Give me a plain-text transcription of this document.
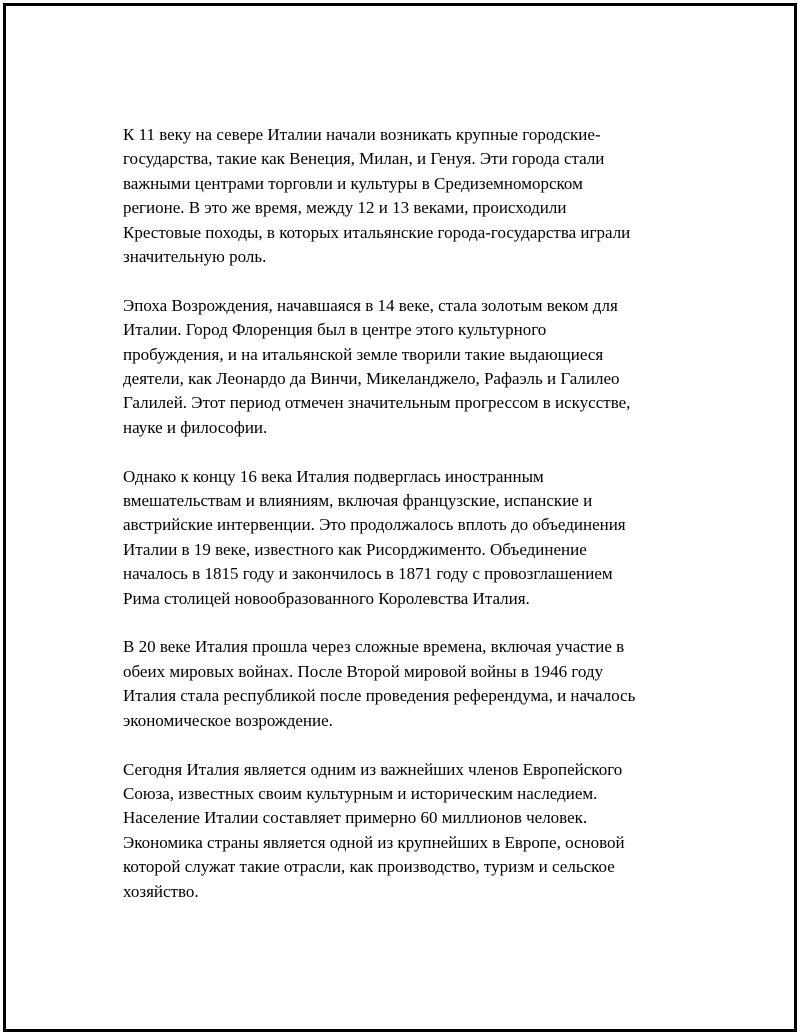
К 11 веку на севере Италии начали возникать крупные городские-
государства, такие как Венеция, Милан, и Генуя. Эти города стали
важными центрами торговли и культуры в Средиземноморском
регионе. В это же время, между 12 и 13 веками, происходили
Крестовые походы, в которых итальянские города-государства играли
значительную роль.

Эпоха Возрождения, начавшаяся в 14 веке, стала золотым веком для
Италии. Город Флоренция был в центре этого культурного
пробуждения, и на итальянской земле творили такие выдающиеся
деятели, как Леонардо да Винчи, Микеланджело, Рафаэль и Галилео
Галилей. Этот период отмечен значительным прогрессом в искусстве,
науке и философии.

Однако к концу 16 века Италия подверглась иностранным
вмешательствам и влияниям, включая французские, испанские и
австрийские интервенции. Это продолжалось вплоть до объединения
Италии в 19 веке, известного как Рисорджименто. Объединение
началось в 1815 году и закончилось в 1871 году с провозглашением
Рима столицей новообразованного Королевства Италия.

В 20 веке Италия прошла через сложные времена, включая участие в
обеих мировых войнах. После Второй мировой войны в 1946 году
Италия стала республикой после проведения референдума, и началось
экономическое возрождение.

Сегодня Италия является одним из важнейших членов Европейского
Союза, известных своим культурным и историческим наследием.
Население Италии составляет примерно 60 миллионов человек.
Экономика страны является одной из крупнейших в Европе, основой
которой служат такие отрасли, как производство, туризм и сельское
хозяйство.
